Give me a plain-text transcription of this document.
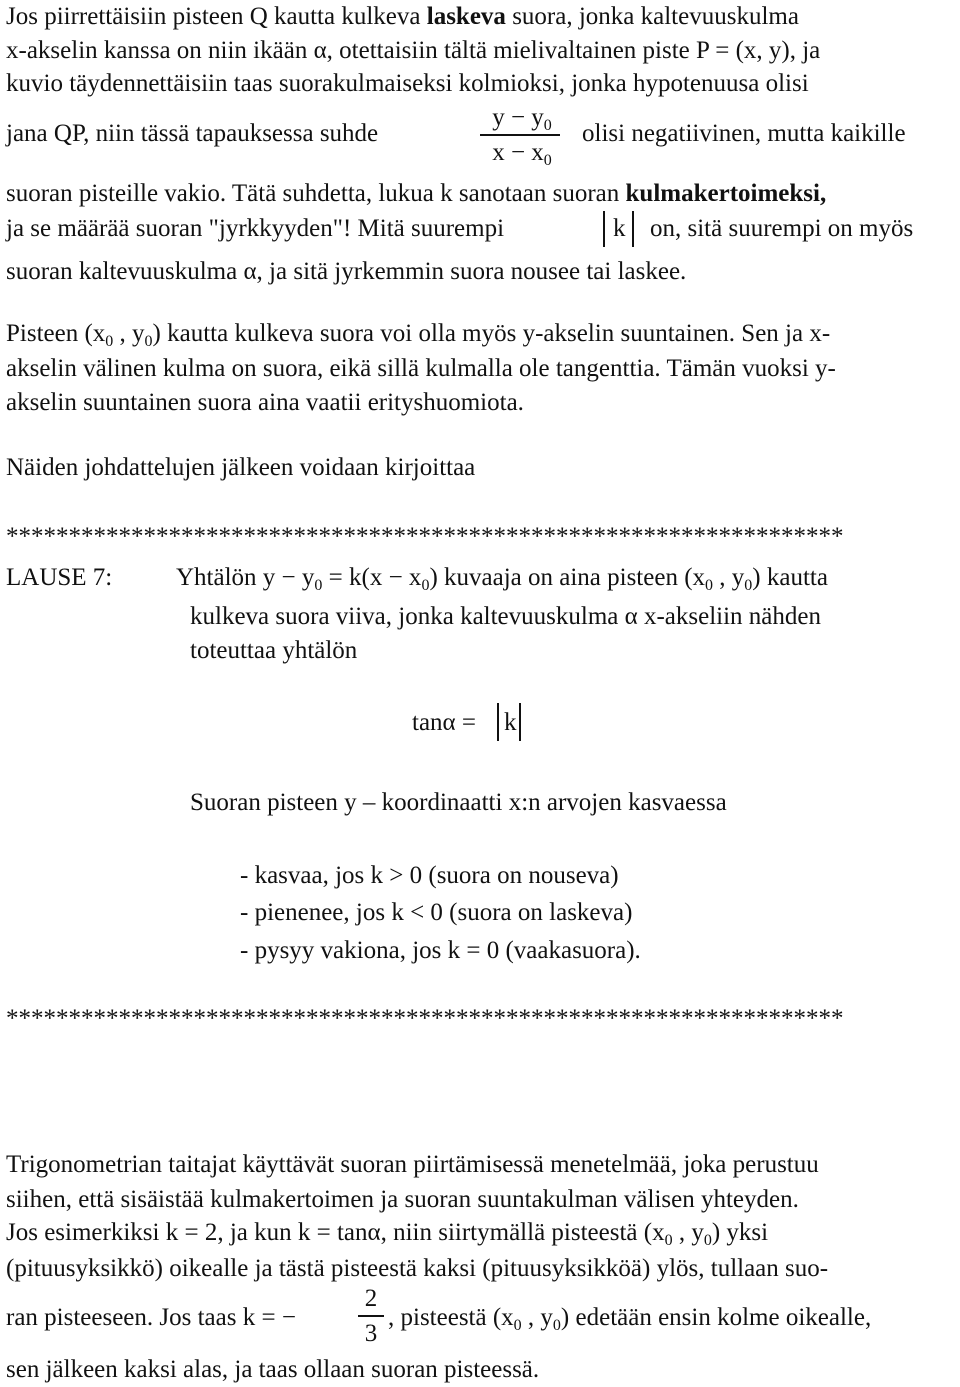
Jos piirrettäisiin pisteen Q kautta kulkeva laskeva suora, jonka kaltevuuskulma
x-akselin kanssa on niin ikään α, otettaisiin tältä mielivaltainen piste P = (x, y), ja
kuvio täydennettäisiin taas suorakulmaiseksi kolmioksi, jonka hypotenuusa olisi
jana QP, niin tässä tapauksessa suhde
$y - y_0$
$x - x_0$
olisi negatiivinen, mutta kaikille
suoran pisteille vakio. Tätä suhdetta, lukua k sanotaan suoran kulmakertoimeksi,
ja se määrää suoran "jyrkkyyden"! Mitä suurempi	k on, sitä suurempi on myös
suoran kaltevuuskulma α, ja sitä jyrkemmin suora nousee tai laskee.
Pisteen ($x_0$ , $y_0$) kautta kulkeva suora voi olla myös y-akselin suuntainen. Sen ja x-
akselin välinen kulma on suora, eikä sillä kulmalla ole tangenttia. Tämän vuoksi y-
akselin suuntainen suora aina vaatii erityshuomiota.
Näiden johdattelujen jälkeen voidaan kirjoittaa
*******************************************************************
LAUSE 7:	Yhtälön $y - y_0 = k(x - x_0)$ kuvaaja on aina pisteen ($x_0$ , $y_0$) kautta
kulkeva suora viiva, jonka kaltevuuskulma α x-akseliin nähden
toteuttaa yhtälön
tanα = k
Suoran pisteen y – koordinaatti x:n arvojen kasvaessa
- kasvaa, jos k > 0 (suora on nouseva)
- pienenee, jos k < 0 (suora on laskeva)
- pysyy vakiona, jos k = 0 (vaakasuora).
*******************************************************************
Trigonometrian taitajat käyttävät suoran piirtämisessä menetelmää, joka perustuu
siihen, että sisäistää kulmakertoimen ja suoran suuntakulman välisen yhteyden.
Jos esimerkiksi k = 2, ja kun k = tanα, niin siirtymällä pisteestä ($x_0$ , $y_0$) yksi
(pituusyksikkö) oikealle ja tästä pisteestä kaksi (pituusyksikköä) ylös, tullaan suo-
ran pisteeseen. Jos taas k = −
2
3
, pisteestä ($x_0$ , $y_0$) edetään ensin kolme oikealle,
sen jälkeen kaksi alas, ja taas ollaan suoran pisteessä.
